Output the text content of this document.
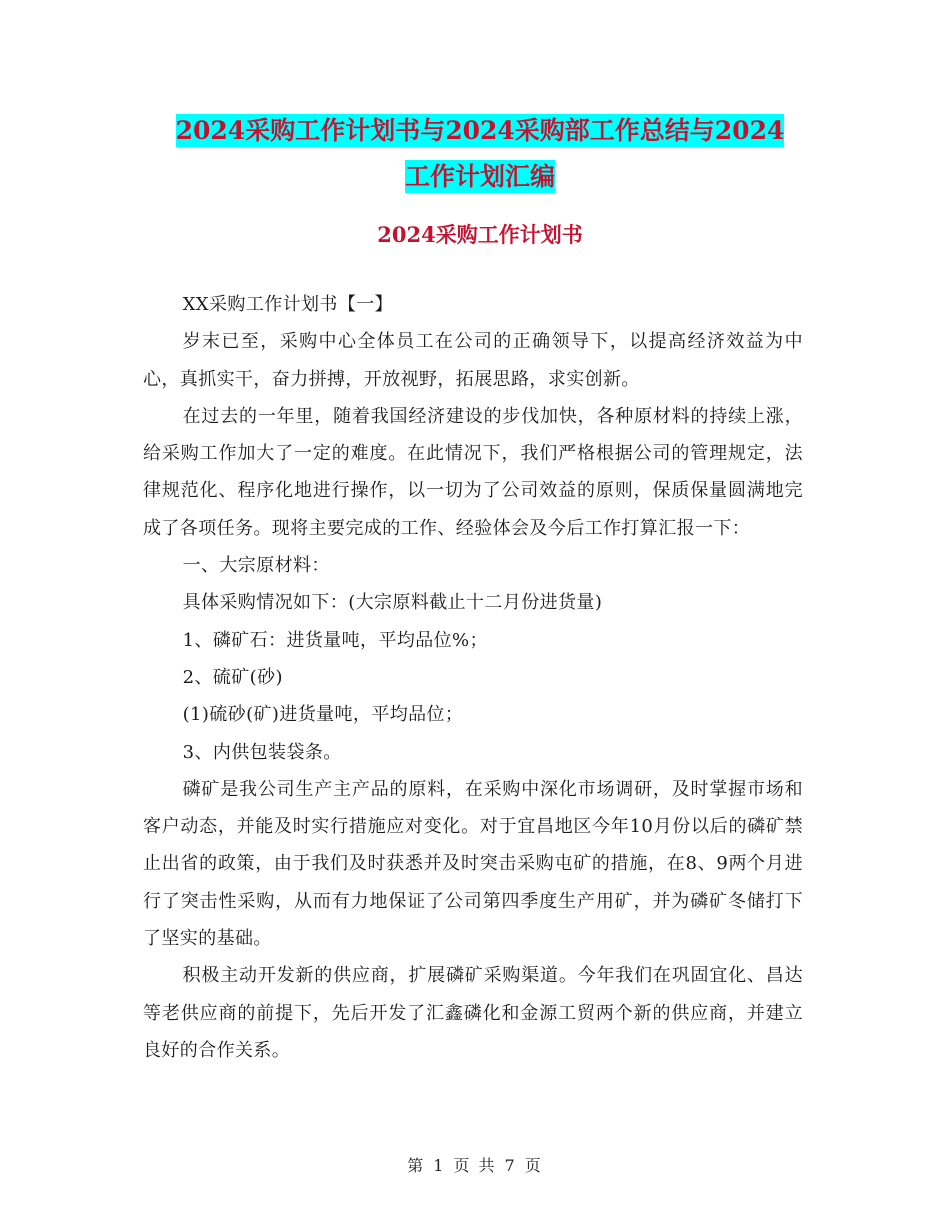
2024采购工作计划书与2024采购部工作总结与2024
工作计划汇编
2024采购工作计划书

XX采购工作计划书【一】

岁末已至，采购中心全体员工在公司的正确领导下，以提高经济效益为中心，真抓实干，奋力拼搏，开放视野，拓展思路，求实创新。

在过去的一年里，随着我国经济建设的步伐加快，各种原材料的持续上涨，给采购工作加大了一定的难度。在此情况下，我们严格根据公司的管理规定，法律规范化、程序化地进行操作，以一切为了公司效益的原则，保质保量圆满地完成了各项任务。现将主要完成的工作、经验体会及今后工作打算汇报一下：

一、大宗原材料：

具体采购情况如下：(大宗原料截止十二月份进货量)

1、磷矿石：进货量吨，平均品位%；

2、硫矿(砂)

(1)硫砂(矿)进货量吨，平均品位；

3、内供包装袋条。

磷矿是我公司生产主产品的原料，在采购中深化市场调研，及时掌握市场和客户动态，并能及时实行措施应对变化。对于宜昌地区今年10月份以后的磷矿禁止出省的政策，由于我们及时获悉并及时突击采购屯矿的措施，在8、9两个月进行了突击性采购，从而有力地保证了公司第四季度生产用矿，并为磷矿冬储打下了坚实的基础。

积极主动开发新的供应商，扩展磷矿采购渠道。今年我们在巩固宜化、昌达等老供应商的前提下，先后开发了汇鑫磷化和金源工贸两个新的供应商，并建立良好的合作关系。

第 1 页 共 7 页
